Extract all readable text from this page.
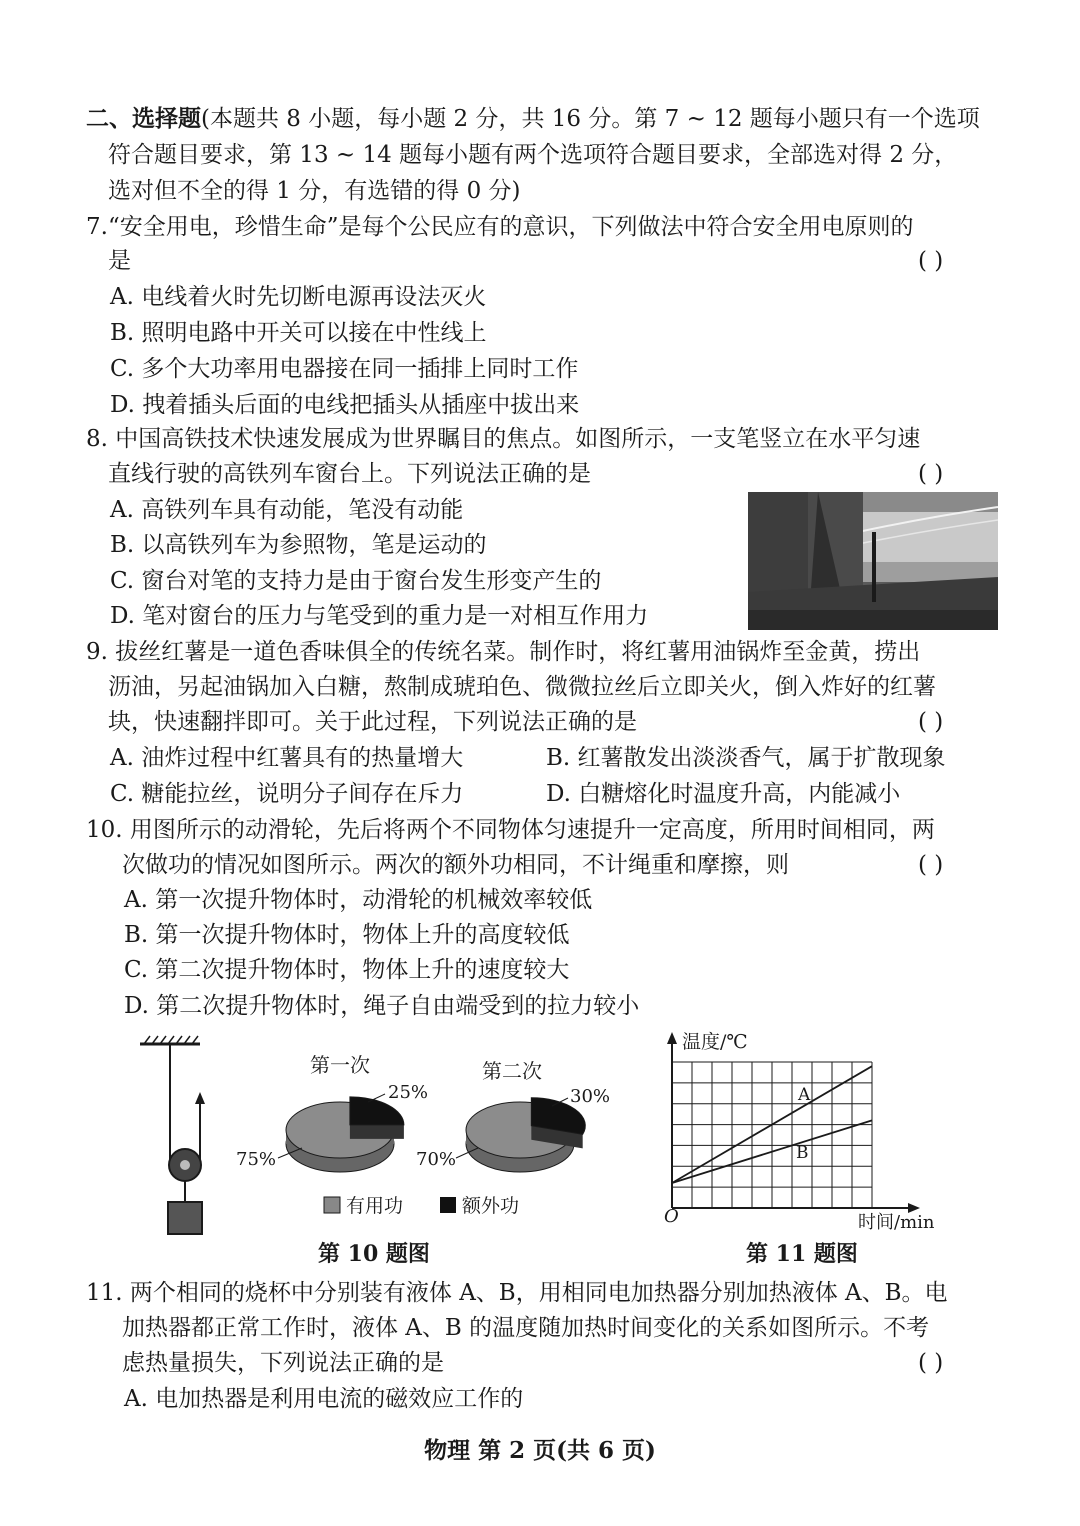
二、选择题(本题共 8 小题，每小题 2 分，共 16 分。第 7 ~ 12 题每小题只有一个选项
符合题目要求，第 13 ~ 14 题每小题有两个选项符合题目要求，全部选对得 2 分，
选对但不全的得 1 分，有选错的得 0 分)
7.“安全用电，珍惜生命”是每个公民应有的意识，下列做法中符合安全用电原则的
是	( )
A. 电线着火时先切断电源再设法灭火
B. 照明电路中开关可以接在中性线上
C. 多个大功率用电器接在同一插排上同时工作
D. 拽着插头后面的电线把插头从插座中拔出来
8. 中国高铁技术快速发展成为世界瞩目的焦点。如图所示，一支笔竖立在水平匀速
直线行驶的高铁列车窗台上。下列说法正确的是	( )
A. 高铁列车具有动能，笔没有动能
B. 以高铁列车为参照物，笔是运动的
C. 窗台对笔的支持力是由于窗台发生形变产生的
D. 笔对窗台的压力与笔受到的重力是一对相互作用力
9. 拔丝红薯是一道色香味俱全的传统名菜。制作时，将红薯用油锅炸至金黄，捞出
沥油，另起油锅加入白糖，熬制成琥珀色、微微拉丝后立即关火，倒入炸好的红薯
块，快速翻拌即可。关于此过程，下列说法正确的是	( )
A. 油炸过程中红薯具有的热量增大	B. 红薯散发出淡淡香气，属于扩散现象
C. 糖能拉丝，说明分子间存在斥力	D. 白糖熔化时温度升高，内能减小
10. 用图所示的动滑轮，先后将两个不同物体匀速提升一定高度，所用时间相同，两
次做功的情况如图所示。两次的额外功相同，不计绳重和摩擦，则	( )
A. 第一次提升物体时，动滑轮的机械效率较低
B. 第一次提升物体时，物体上升的高度较低
C. 第二次提升物体时，物体上升的速度较大
D. 第二次提升物体时，绳子自由端受到的拉力较小
第一次
25%
75%
第二次
30%
70%
有用功	额外功
第 10 题图
温度/℃
时间/min
O
A
B
第 11 题图
11. 两个相同的烧杯中分别装有液体 A、B，用相同电加热器分别加热液体 A、B。电
加热器都正常工作时，液体 A、B 的温度随加热时间变化的关系如图所示。不考
虑热量损失，下列说法正确的是	( )
A. 电加热器是利用电流的磁效应工作的
物理 第 2 页(共 6 页)
